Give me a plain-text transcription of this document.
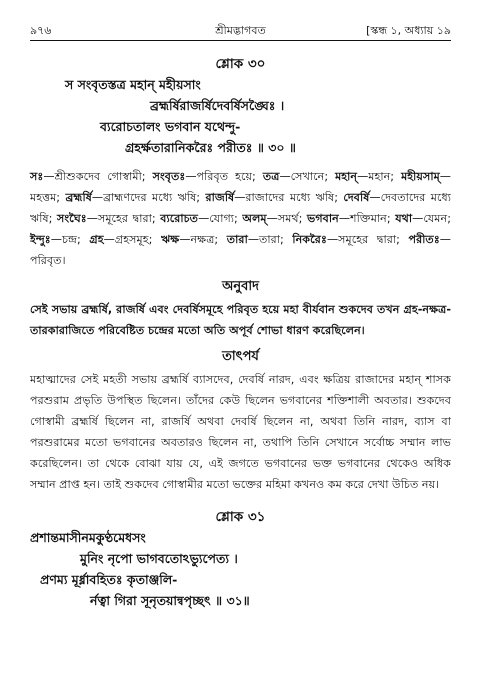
৯৭৬	শ্রীমদ্ভাগবত	[স্কন্ধ ১, অধ্যায় ১৯
শ্লোক ৩০
স সংবৃতস্তত্র মহান্ মহীয়সাং
ব্রহ্মর্ষিরাজর্ষিদেবর্ষিসঙ্ঘৈঃ ।
ব্যরোচতালং ভগবান যথেন্দু-
গ্রহর্ক্ষতারানিকরৈঃ পরীতঃ ॥ ৩০ ॥
সঃ—শ্রীশুকদেব গোস্বামী; সংবৃতঃ—পরিবৃত হয়ে; তত্র—সেখানে; মহান্—মহান; মহীয়সাম্—মহত্তম; ব্রহ্মর্ষি—ব্রাহ্মণদের মধ্যে ঋষি; রাজর্ষি—রাজাদের মধ্যে ঋষি; দেবর্ষি—দেবতাদের মধ্যে ঋষি; সংঘৈঃ—সমূহের দ্বারা; ব্যরোচত—যোগ্য; অলম্—সমর্থ; ভগবান—শক্তিমান; যথা—যেমন; ইন্দুঃ—চন্দ্র; গ্রহ—গ্রহসমূহ; ঋক্ষ—নক্ষত্র; তারা—তারা; নিকরৈঃ—সমূহের দ্বারা; পরীতঃ—পরিবৃত।
অনুবাদ

সেই সভায় ব্রহ্মর্ষি, রাজর্ষি এবং দেবর্ষিসমূহে পরিবৃত হয়ে মহা বীর্যবান শুকদেব তখন গ্রহ-নক্ষত্র-তারকারাজিতে পরিবেষ্টিত চন্দ্রের মতো অতি অপূর্ব শোভা ধারণ করেছিলেন।

তাৎপর্য

মহাত্মাদের সেই মহতী সভায় ব্রহ্মর্ষি ব্যাসদেব, দেবর্ষি নারদ, এবং ক্ষত্রিয় রাজাদের মহান্ শাসক পরশুরাম প্রভৃতি উপস্থিত ছিলেন। তাঁদের কেউ ছিলেন ভগবানের শক্তিশালী অবতার। শুকদেব গোস্বামী ব্রহ্মর্ষি ছিলেন না, রাজর্ষি অথবা দেবর্ষি ছিলেন না, অথবা তিনি নারদ, ব্যাস বা পরশুরামের মতো ভগবানের অবতারও ছিলেন না, তথাপি তিনি সেখানে সর্বোচ্চ সম্মান লাভ করেছিলেন। তা থেকে বোঝা যায় যে, এই জগতে ভগবানের ভক্ত ভগবানের থেকেও অধিক সম্মান প্রাপ্ত হন। তাই শুকদেব গোস্বামীর মতো ভক্তের মহিমা কখনও কম করে দেখা উচিত নয়।

শ্লোক ৩১
প্রশান্তমাসীনমকুণ্ঠমেধসং
মুনিং নৃপো ভাগবতোঽভ্যুপেত্য ।
প্রণম্য মূর্ধ্নাবহিতঃ কৃতাঞ্জলি-
র্নত্বা গিরা সূনৃতয়ান্বপৃচ্ছৎ ॥ ৩১॥
